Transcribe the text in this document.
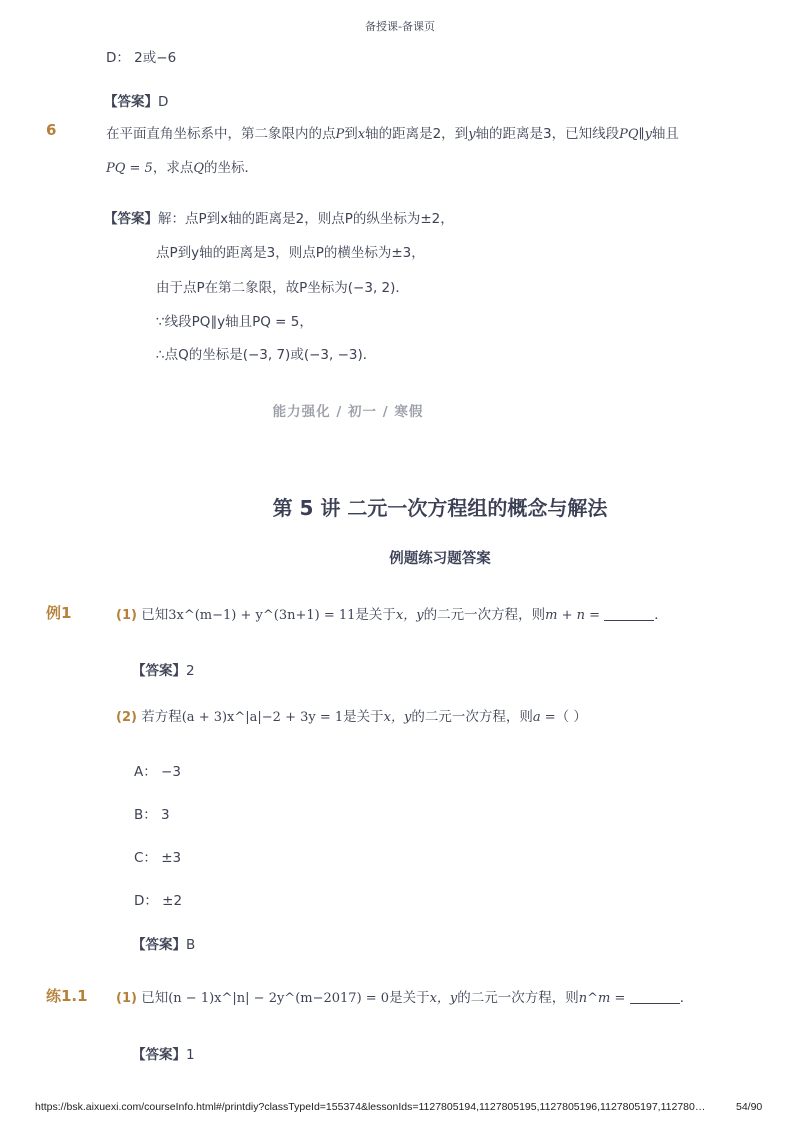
备授课-备课页
D： 2或−6
【答案】D
6	在平面直角坐标系中，第二象限内的点P到x轴的距离是2，到y轴的距离是3，已知线段PQ∥y轴且
PQ = 5，求点Q的坐标．
【答案】解：点P到x轴的距离是2，则点P的纵坐标为±2，
点P到y轴的距离是3，则点P的横坐标为±3，
由于点P在第二象限，故P坐标为(−3, 2)．
∵线段PQ∥y轴且PQ = 5，
∴点Q的坐标是(−3, 7)或(−3, −3)．
能力强化 / 初一 / 寒假
第 5 讲 二元一次方程组的概念与解法
例题练习题答案
例1	(1) 已知3x^(m−1) + y^(3n+1) = 11是关于x，y的二元一次方程，则m + n =	．
【答案】2
(2) 若方程(a + 3)x^|a|−2 + 3y = 1是关于x，y的二元一次方程，则a =（ ）
A： −3
B： 3
C： ±3
D： ±2
【答案】B
练1.1 (1) 已知(n − 1)x^|n| − 2y^(m−2017) = 0是关于x，y的二元一次方程，则n^m =	．
【答案】1
https://bsk.aixuexi.com/courseInfo.html#/printdiy?classTypeId=155374&lessonIds=1127805194,1127805195,1127805196,1127805197,112780…	54/90
